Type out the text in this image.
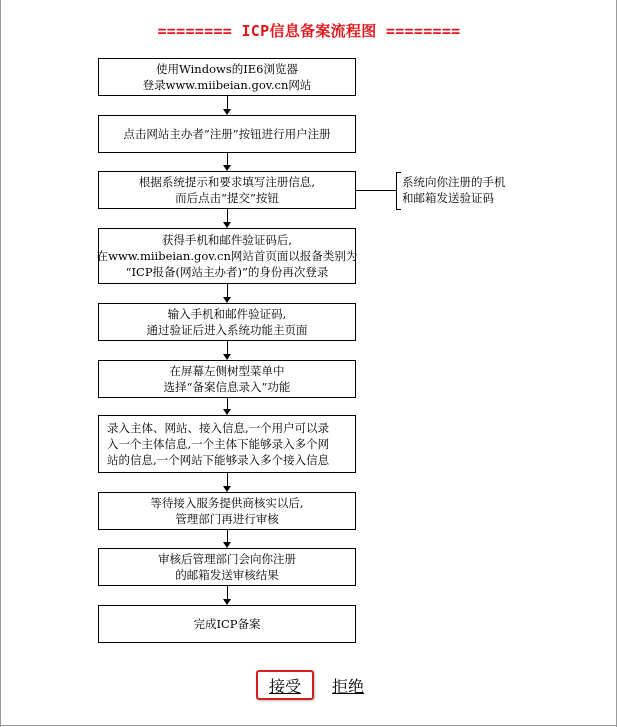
======== ICP信息备案流程图 ========
使用Windows的IE6浏览器
登录www.miibeian.gov.cn网站
点击网站主办者“注册”按钮进行用户注册
根据系统提示和要求填写注册信息,
而后点击“提交”按钮
获得手机和邮件验证码后,
在www.miibeian.gov.cn网站首页面以报备类别为
“ICP报备(网站主办者)”的身份再次登录
输入手机和邮件验证码,
通过验证后进入系统功能主页面
在屏幕左侧树型菜单中
选择“备案信息录入”功能
录入主体、网站、接入信息,一个用户可以录
入一个主体信息,一个主体下能够录入多个网
站的信息,一个网站下能够录入多个接入信息
等待接入服务提供商核实以后,
管理部门再进行审核
审核后管理部门会向你注册
的邮箱发送审核结果
完成ICP备案
系统向你注册的手机
和邮箱发送验证码
接受	拒绝
